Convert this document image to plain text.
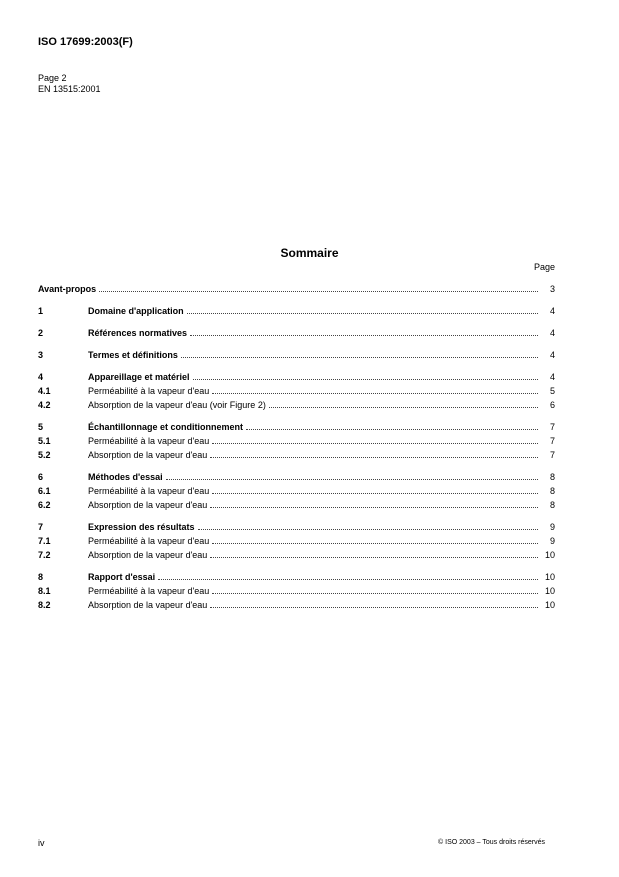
ISO 17699:2003(F)
Page 2
EN 13515:2001
Sommaire
Page
Avant-propos	3
1	Domaine d'application	4
2	Références normatives	4
3	Termes et définitions	4
4	Appareillage et matériel	4
4.1	Perméabilité à la vapeur d'eau	5
4.2	Absorption de la vapeur d'eau (voir Figure 2)	6
5	Échantillonnage et conditionnement	7
5.1	Perméabilité à la vapeur d'eau	7
5.2	Absorption de la vapeur d'eau	7
6	Méthodes d'essai	8
6.1	Perméabilité à la vapeur d'eau	8
6.2	Absorption de la vapeur d'eau	8
7	Expression des résultats	9
7.1	Perméabilité à la vapeur d'eau	9
7.2	Absorption de la vapeur d'eau	10
8	Rapport d'essai	10
8.1	Perméabilité à la vapeur d'eau	10
8.2	Absorption de la vapeur d'eau	10
iv	© ISO 2003 – Tous droits réservés
